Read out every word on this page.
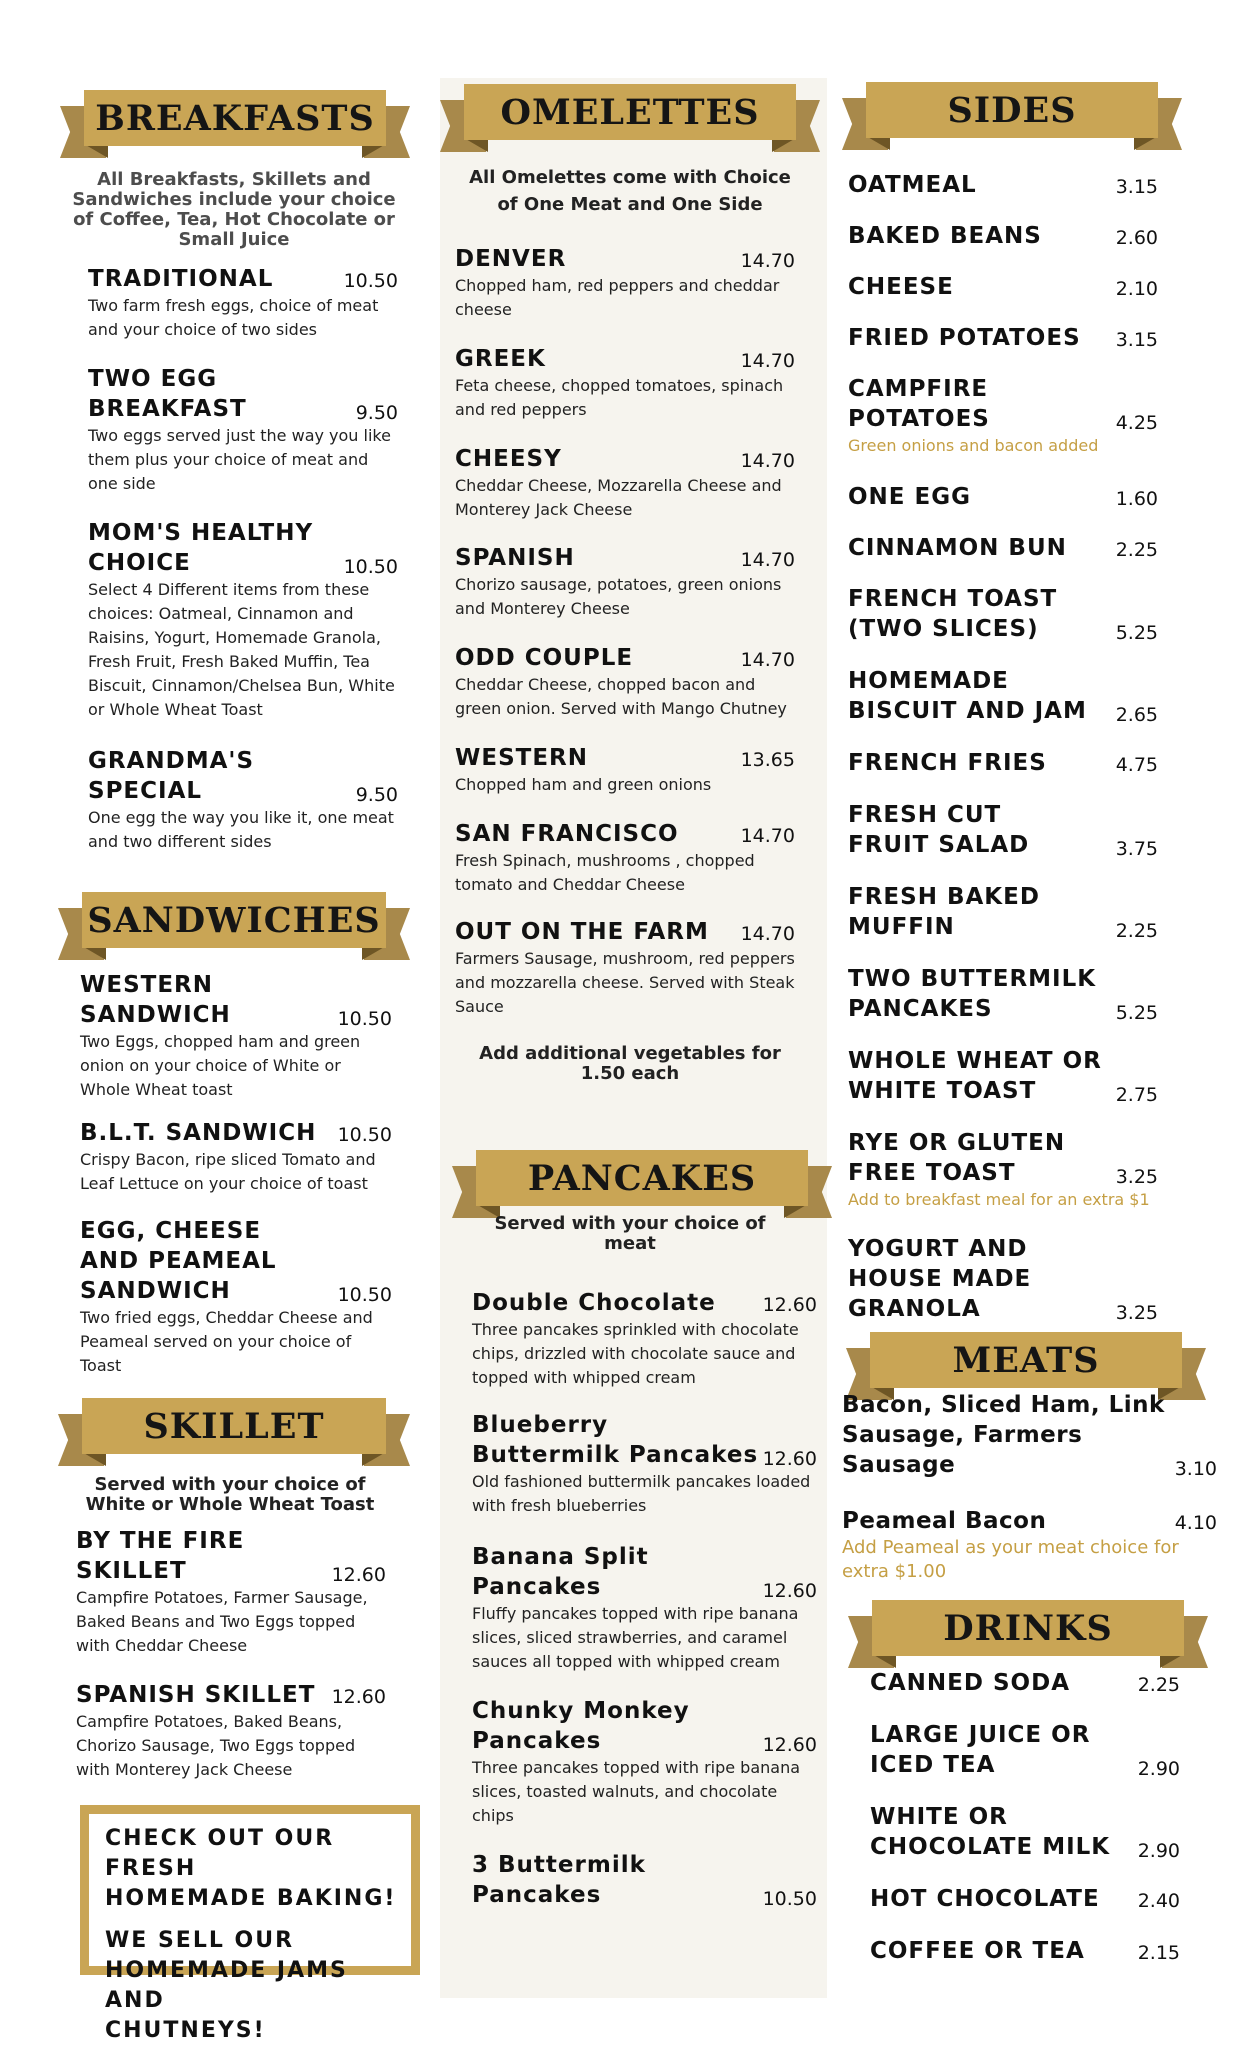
BREAKFASTS
All Breakfasts, Skillets and Sandwiches include your choice of Coffee, Tea, Hot Chocolate or Small Juice
TRADITIONAL	10.50
Two farm fresh eggs, choice of meat and your choice of two sides
TWO EGG BREAKFAST	9.50
Two eggs served just the way you like them plus your choice of meat and one side
MOM'S HEALTHY CHOICE	10.50
Select 4 Different items from these choices: Oatmeal, Cinnamon and Raisins, Yogurt, Homemade Granola, Fresh Fruit, Fresh Baked Muffin, Tea Biscuit, Cinnamon/Chelsea Bun, White or Whole Wheat Toast
GRANDMA'S SPECIAL	9.50
One egg the way you like it, one meat and two different sides
SANDWICHES
WESTERN SANDWICH	10.50
Two Eggs, chopped ham and green onion on your choice of White or Whole Wheat toast
B.L.T. SANDWICH	10.50
Crispy Bacon, ripe sliced Tomato and Leaf Lettuce on your choice of toast
EGG, CHEESE AND PEAMEAL SANDWICH	10.50
Two fried eggs, Cheddar Cheese and Peameal served on your choice of Toast
SKILLET
Served with your choice of White or Whole Wheat Toast
BY THE FIRE SKILLET	12.60
Campfire Potatoes, Farmer Sausage, Baked Beans and Two Eggs topped with Cheddar Cheese
SPANISH SKILLET 12.60
Campfire Potatoes, Baked Beans, Chorizo Sausage, Two Eggs topped with Monterey Jack Cheese
CHECK OUT OUR FRESH
HOMEMADE BAKING!
WE SELL OUR
HOMEMADE JAMS AND
CHUTNEYS!
OMELETTES
All Omelettes come with Choice of One Meat and One Side
DENVER	14.70
Chopped ham, red peppers and cheddar cheese
GREEK	14.70
Feta cheese, chopped tomatoes, spinach and red peppers
CHEESY	14.70
Cheddar Cheese, Mozzarella Cheese and Monterey Jack Cheese
SPANISH	14.70
Chorizo sausage, potatoes, green onions and Monterey Cheese
ODD COUPLE	14.70
Cheddar Cheese, chopped bacon and green onion. Served with Mango Chutney
WESTERN	13.65
Chopped ham and green onions
SAN FRANCISCO	14.70
Fresh Spinach, mushrooms , chopped tomato and Cheddar Cheese
OUT ON THE FARM	14.70
Farmers Sausage, mushroom, red peppers and mozzarella cheese. Served with Steak Sauce
Add additional vegetables for 1.50 each
PANCAKES
Served with your choice of meat
Double Chocolate	12.60
Three pancakes sprinkled with chocolate chips, drizzled with chocolate sauce and topped with whipped cream
Blueberry Buttermilk Pancakes 12.60
Old fashioned buttermilk pancakes loaded with fresh blueberries
Banana Split Pancakes	12.60
Fluffy pancakes topped with ripe banana slices, sliced strawberries, and caramel sauces all topped with whipped cream
Chunky Monkey Pancakes	12.60
Three pancakes topped with ripe banana slices, toasted walnuts, and chocolate chips
3 Buttermilk Pancakes	10.50
SIDES
OATMEAL	3.15
BAKED BEANS	2.60
CHEESE	2.10
FRIED POTATOES	3.15
CAMPFIRE POTATOES	4.25
Green onions and bacon added
ONE EGG	1.60
CINNAMON BUN	2.25
FRENCH TOAST (TWO SLICES)	5.25
HOMEMADE BISCUIT AND JAM	2.65
FRENCH FRIES	4.75
FRESH CUT FRUIT SALAD	3.75
FRESH BAKED MUFFIN	2.25
TWO BUTTERMILK PANCAKES	5.25
WHOLE WHEAT OR WHITE TOAST	2.75
RYE OR GLUTEN FREE TOAST	3.25
Add to breakfast meal for an extra $1
YOGURT AND HOUSE MADE GRANOLA	3.25
MEATS
Bacon, Sliced Ham, Link Sausage, Farmers Sausage	3.10
Peameal Bacon	4.10
Add Peameal as your meat choice for extra $1.00
DRINKS
CANNED SODA	2.25
LARGE JUICE OR ICED TEA	2.90
WHITE OR CHOCOLATE MILK	2.90
HOT CHOCOLATE	2.40
COFFEE OR TEA	2.15
